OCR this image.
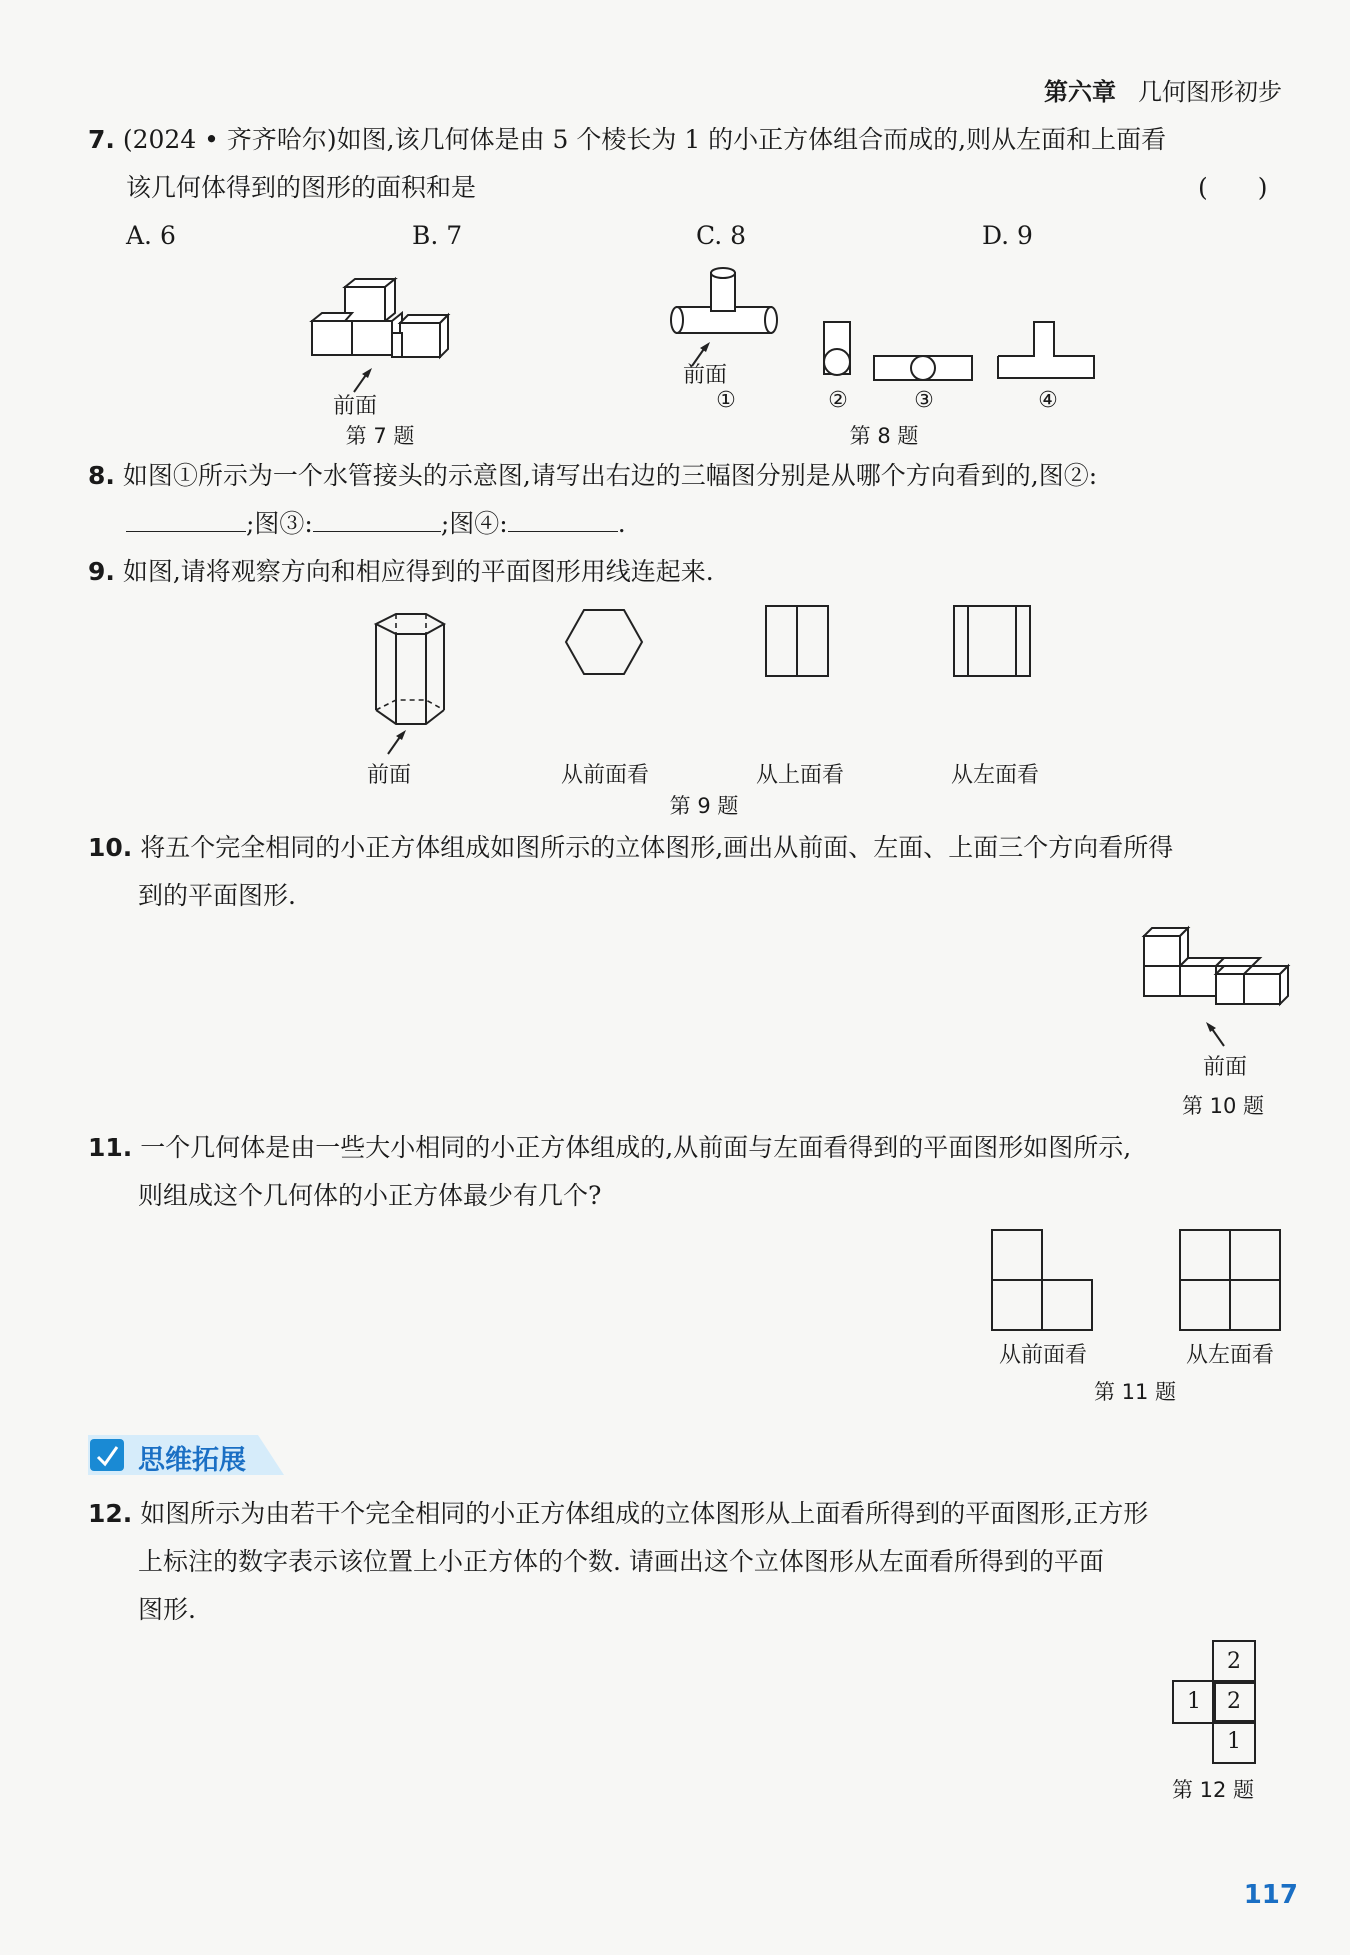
第六章 几何图形初步
7. (2024 • 齐齐哈尔)如图,该几何体是由 5 个棱长为 1 的小正方体组合而成的,则从左面和上面看
该几何体得到的图形的面积和是	(　　)
A. 6	B. 7	C. 8	D. 9
前面
第 7 题
前面
①	②	③	④
第 8 题
8. 如图①所示为一个水管接头的示意图,请写出右边的三幅图分别是从哪个方向看到的,图②:
;图③:	;图④:	.
9. 如图,请将观察方向和相应得到的平面图形用线连起来.
前面	从前面看	从上面看	从左面看
第 9 题
10. 将五个完全相同的小正方体组成如图所示的立体图形,画出从前面、左面、上面三个方向看所得
到的平面图形.
前面
第 10 题
11. 一个几何体是由一些大小相同的小正方体组成的,从前面与左面看得到的平面图形如图所示,
则组成这个几何体的小正方体最少有几个?
从前面看	从左面看
第 11 题
思维拓展
12. 如图所示为由若干个完全相同的小正方体组成的立体图形从上面看所得到的平面图形,正方形
上标注的数字表示该位置上小正方体的个数. 请画出这个立体图形从左面看所得到的平面
图形.
2
1	2
1
第 12 题
117
